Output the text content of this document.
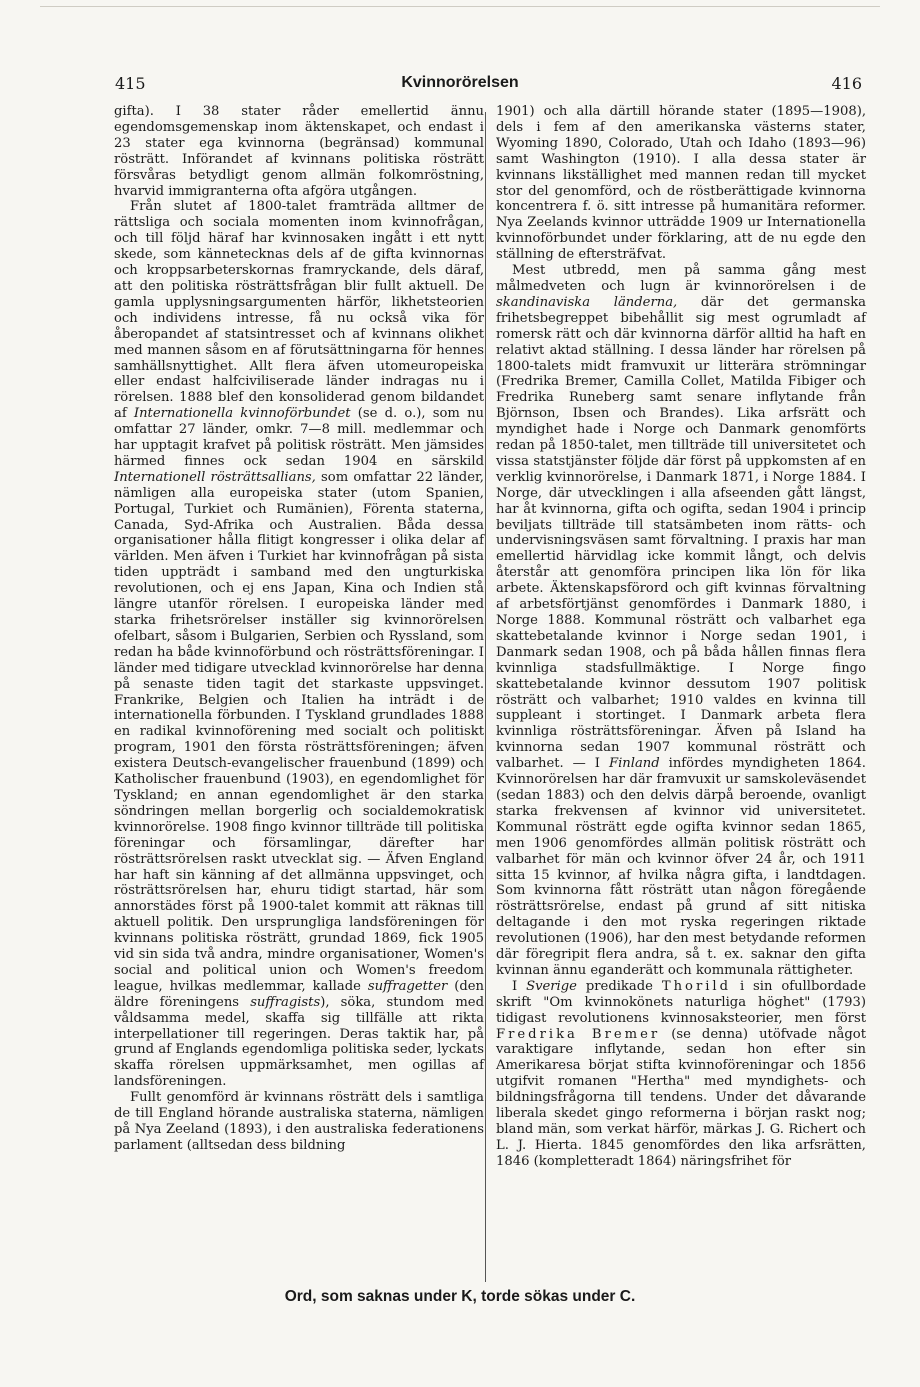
415	Kvinnorörelsen	416

gifta). I 38 stater råder emellertid ännu egendomsgemenskap inom äktenskapet, och endast i 23 stater ega kvinnorna (begränsad) kommunal rösträtt. Införandet af kvinnans politiska rösträtt försvåras betydligt genom allmän folkomröstning, hvarvid immigranterna ofta afgöra utgången.

Från slutet af 1800-talet framträda alltmer de rättsliga och sociala momenten inom kvinnofrågan, och till följd häraf har kvinnosaken ingått i ett nytt skede, som kännetecknas dels af de gifta kvinnornas och kroppsarbeterskornas framryckande, dels däraf, att den politiska rösträttsfrågan blir fullt aktuell. De gamla upplysningsargumenten härför, likhetsteorien och individens intresse, få nu också vika för åberopandet af statsintresset och af kvinnans olikhet med mannen såsom en af förutsättningarna för hennes samhällsnyttighet. Allt flera äfven utomeuropeiska eller endast halfciviliserade länder indragas nu i rörelsen. 1888 blef den konsoliderad genom bildandet af Internationella kvinnoförbundet (se d. o.), som nu omfattar 27 länder, omkr. 7—8 mill. medlemmar och har upptagit krafvet på politisk rösträtt. Men jämsides härmed finnes ock sedan 1904 en särskild Internationell rösträttsallians, som omfattar 22 länder, nämligen alla europeiska stater (utom Spanien, Portugal, Turkiet och Rumänien), Förenta staterna, Canada, Syd-Afrika och Australien. Båda dessa organisationer hålla flitigt kongresser i olika delar af världen. Men äfven i Turkiet har kvinnofrågan på sista tiden uppträdt i samband med den ungturkiska revolutionen, och ej ens Japan, Kina och Indien stå längre utanför rörelsen. I europeiska länder med starka frihetsrörelser inställer sig kvinnorörelsen ofelbart, såsom i Bulgarien, Serbien och Ryssland, som redan ha både kvinnoförbund och rösträttsföreningar. I länder med tidigare utvecklad kvinnorörelse har denna på senaste tiden tagit det starkaste uppsvinget. Frankrike, Belgien och Italien ha inträdt i de internationella förbunden. I Tyskland grundlades 1888 en radikal kvinnoförening med socialt och politiskt program, 1901 den första rösträttsföreningen; äfven existera Deutsch-evangelischer frauenbund (1899) och Katholischer frauenbund (1903), en egendomlighet för Tyskland; en annan egendomlighet är den starka söndringen mellan borgerlig och socialdemokratisk kvinnorörelse. 1908 fingo kvinnor tillträde till politiska föreningar och församlingar, därefter har rösträttsrörelsen raskt utvecklat sig. — Äfven England har haft sin känning af det allmänna uppsvinget, och rösträttsrörelsen har, ehuru tidigt startad, här som annorstädes först på 1900-talet kommit att räknas till aktuell politik. Den ursprungliga landsföreningen för kvinnans politiska rösträtt, grundad 1869, fick 1905 vid sin sida två andra, mindre organisationer, Women's social and political union och Women's freedom league, hvilkas medlemmar, kallade suffragetter (den äldre föreningens suffragists), söka, stundom med våldsamma medel, skaffa sig tillfälle att rikta interpellationer till regeringen. Deras taktik har, på grund af Englands egendomliga politiska seder, lyckats skaffa rörelsen uppmärksamhet, men ogillas af landsföreningen.

Fullt genomförd är kvinnans rösträtt dels i samtliga de till England hörande australiska staterna, nämligen på Nya Zeeland (1893), i den australiska federationens parlament (alltsedan dess bildning

1901) och alla därtill hörande stater (1895—1908), dels i fem af den amerikanska västerns stater, Wyoming 1890, Colorado, Utah och Idaho (1893—96) samt Washington (1910). I alla dessa stater är kvinnans likställighet med mannen redan till mycket stor del genomförd, och de röstberättigade kvinnorna koncentrera f. ö. sitt intresse på humanitära reformer. Nya Zeelands kvinnor utträdde 1909 ur Internationella kvinnoförbundet under förklaring, att de nu egde den ställning de eftersträfvat.

Mest utbredd, men på samma gång mest målmedveten och lugn är kvinnorörelsen i de skandinaviska länderna, där det germanska frihetsbegreppet bibehållit sig mest ogrumladt af romersk rätt och där kvinnorna därför alltid ha haft en relativt aktad ställning. I dessa länder har rörelsen på 1800-talets midt framvuxit ur litterära strömningar (Fredrika Bremer, Camilla Collet, Matilda Fibiger och Fredrika Runeberg samt senare inflytande från Björnson, Ibsen och Brandes). Lika arfsrätt och myndighet hade i Norge och Danmark genomförts redan på 1850-talet, men tillträde till universitetet och vissa statstjänster följde där först på uppkomsten af en verklig kvinnorörelse, i Danmark 1871, i Norge 1884. I Norge, där utvecklingen i alla afseenden gått längst, har åt kvinnorna, gifta och ogifta, sedan 1904 i princip beviljats tillträde till statsämbeten inom rätts- och undervisningsväsen samt förvaltning. I praxis har man emellertid härvidlag icke kommit långt, och delvis återstår att genomföra principen lika lön för lika arbete. Äktenskapsförord och gift kvinnas förvaltning af arbetsförtjänst genomfördes i Danmark 1880, i Norge 1888. Kommunal rösträtt och valbarhet ega skattebetalande kvinnor i Norge sedan 1901, i Danmark sedan 1908, och på båda hållen finnas flera kvinnliga stadsfullmäktige. I Norge fingo skattebetalande kvinnor dessutom 1907 politisk rösträtt och valbarhet; 1910 valdes en kvinna till suppleant i stortinget. I Danmark arbeta flera kvinnliga rösträttsföreningar. Äfven på Island ha kvinnorna sedan 1907 kommunal rösträtt och valbarhet. — I Finland infördes myndigheten 1864. Kvinnorörelsen har där framvuxit ur samskoleväsendet (sedan 1883) och den delvis därpå beroende, ovanligt starka frekvensen af kvinnor vid universitetet. Kommunal rösträtt egde ogifta kvinnor sedan 1865, men 1906 genomfördes allmän politisk rösträtt och valbarhet för män och kvinnor öfver 24 år, och 1911 sitta 15 kvinnor, af hvilka några gifta, i landtdagen. Som kvinnorna fått rösträtt utan någon föregående rösträttsrörelse, endast på grund af sitt nitiska deltagande i den mot ryska regeringen riktade revolutionen (1906), har den mest betydande reformen där föregripit flera andra, så t. ex. saknar den gifta kvinnan ännu eganderätt och kommunala rättigheter.

I Sverige predikade Thorild i sin ofullbordade skrift "Om kvinnokönets naturliga höghet" (1793) tidigast revolutionens kvinnosaksteorier, men först Fredrika Bremer (se denna) utöfvade något varaktigare inflytande, sedan hon efter sin Amerikaresa börjat stifta kvinnoföreningar och 1856 utgifvit romanen "Hertha" med myndighets- och bildningsfrågorna till tendens. Under det dåvarande liberala skedet gingo reformerna i början raskt nog; bland män, som verkat härför, märkas J. G. Richert och L. J. Hierta. 1845 genomfördes den lika arfsrätten, 1846 (kompletteradt 1864) näringsfrihet för

Ord, som saknas under K, torde sökas under C.
